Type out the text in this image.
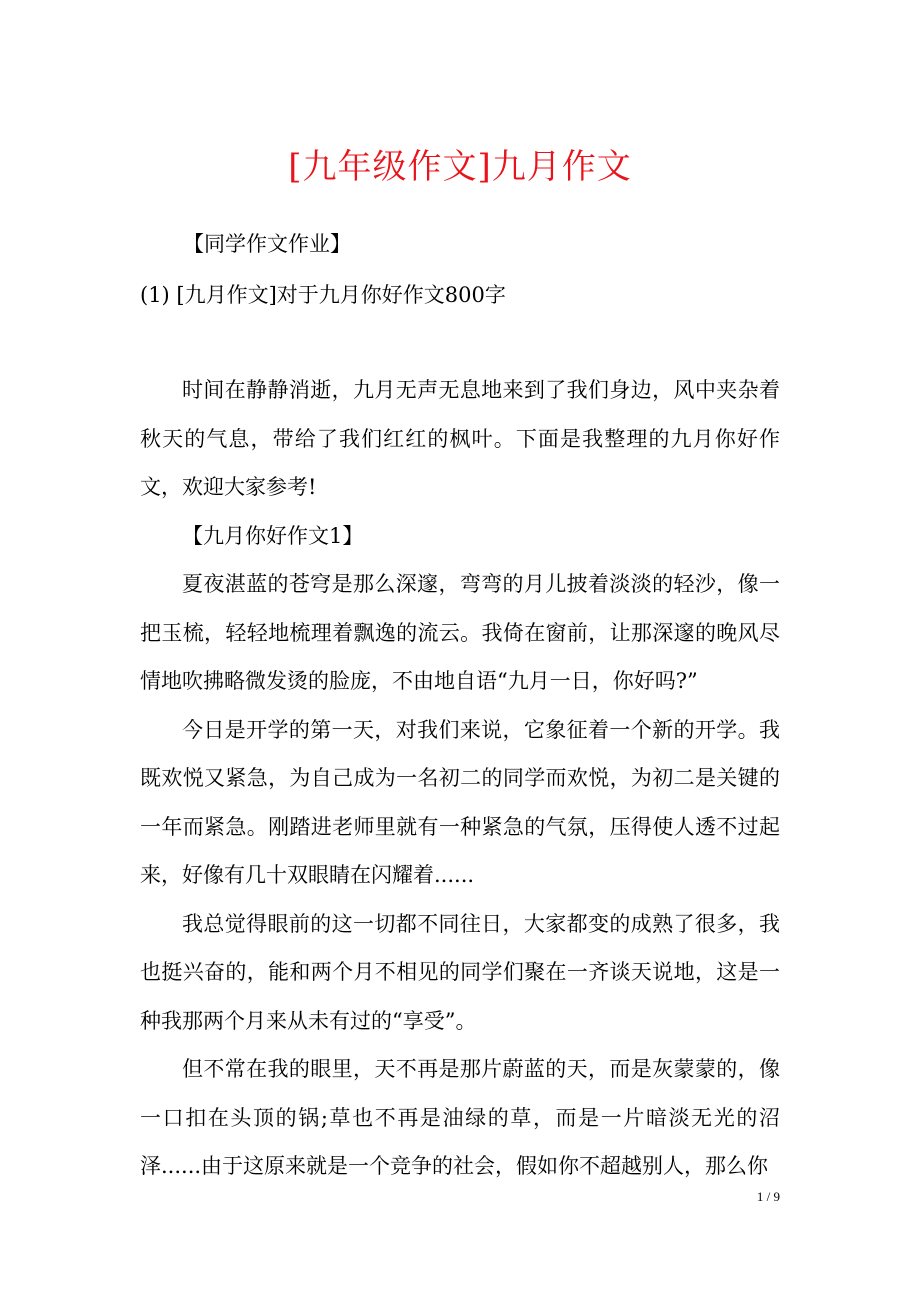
[九年级作文]九月作文
【同学作文作业】
(1) [九月作文]对于九月你好作文800字

时间在静静消逝，九月无声无息地来到了我们身边，风中夹杂着秋天的气息，带给了我们红红的枫叶。下面是我整理的九月你好作文，欢迎大家参考!

【九月你好作文1】

夏夜湛蓝的苍穹是那么深邃，弯弯的月儿披着淡淡的轻沙，像一把玉梳，轻轻地梳理着飘逸的流云。我倚在窗前，让那深邃的晚风尽情地吹拂略微发烫的脸庞，不由地自语“九月一日，你好吗?”

今日是开学的第一天，对我们来说，它象征着一个新的开学。我既欢悦又紧急，为自己成为一名初二的同学而欢悦，为初二是关键的一年而紧急。刚踏进老师里就有一种紧急的气氛，压得使人透不过起来，好像有几十双眼睛在闪耀着......

我总觉得眼前的这一切都不同往日，大家都变的成熟了很多，我也挺兴奋的，能和两个月不相见的同学们聚在一齐谈天说地，这是一种我那两个月来从未有过的“享受”。

但不常在我的眼里，天不再是那片蔚蓝的天，而是灰蒙蒙的，像一口扣在头顶的锅;草也不再是油绿的草，而是一片暗淡无光的沼泽......由于这原来就是一个竞争的社会，假如你不超越别人，那么你

1 / 9
